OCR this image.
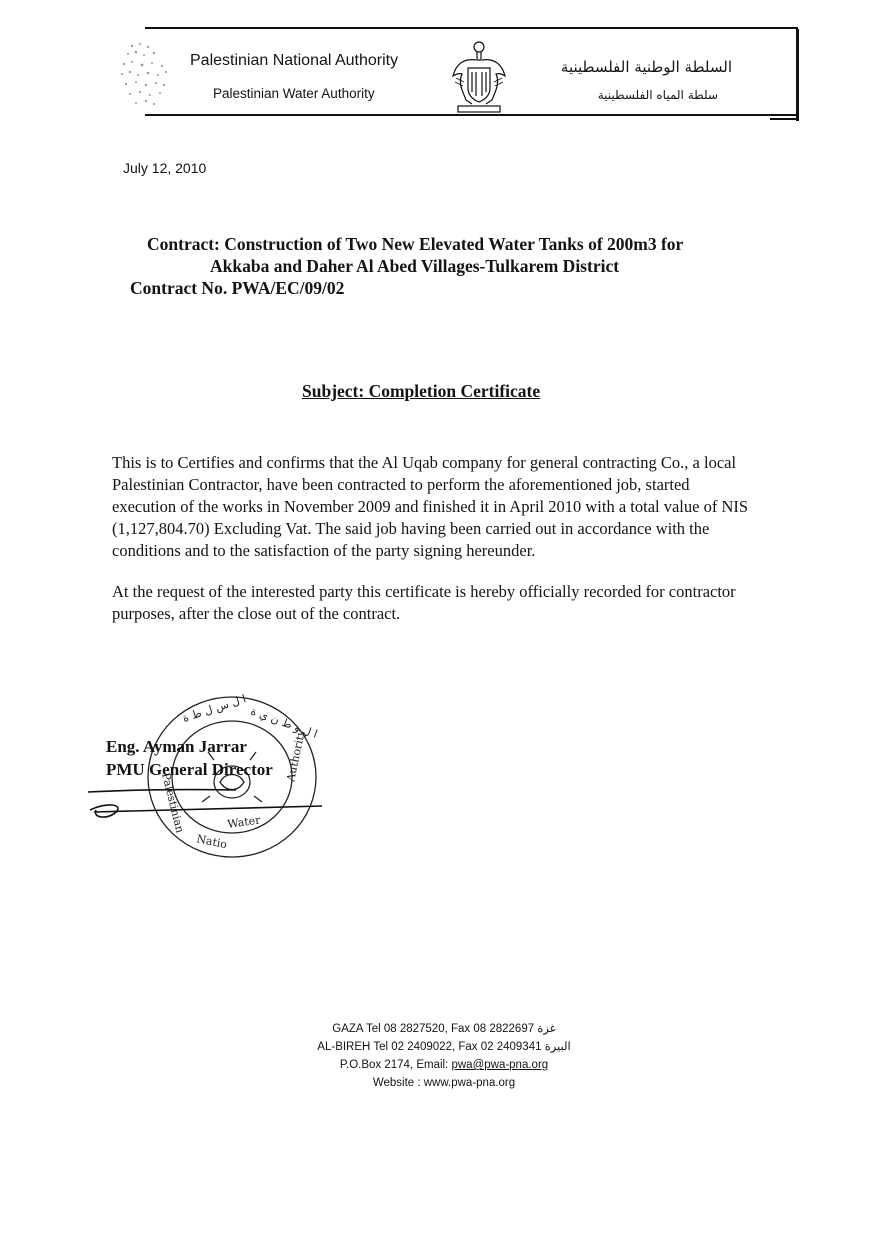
Palestinian National Authority
Palestinian Water Authority
السلطة الوطنية الفلسطينية
سلطة المياه الفلسطينية
July 12, 2010
Contract: Construction of Two New Elevated Water Tanks of 200m3 for
Akkaba and Daher Al Abed Villages-Tulkarem District
Contract No. PWA/EC/09/02
Subject: Completion Certificate

This is to Certifies and confirms that the Al Uqab company for general contracting Co., a local Palestinian Contractor, have been contracted to perform the aforementioned job, started execution of the works in November 2009 and finished it in April 2010 with a total value of NIS (1,127,804.70) Excluding Vat. The said job having been carried out in accordance with the conditions and to the satisfaction of the party signing hereunder.

At the request of the interested party this certificate is hereby officially recorded for contractor purposes, after the close out of the contract.

ا ل س ل ط ة ا ل و ط ن ي ة
Authority
Water
Natio
Palestinian
Eng. Ayman Jarrar
PMU General Director
GAZA Tel 08 2827520, Fax 08 2822697 غزة
AL-BIREH Tel 02 2409022, Fax 02 2409341 البيرة
P.O.Box 2174, Email: pwa@pwa-pna.org
Website : www.pwa-pna.org
